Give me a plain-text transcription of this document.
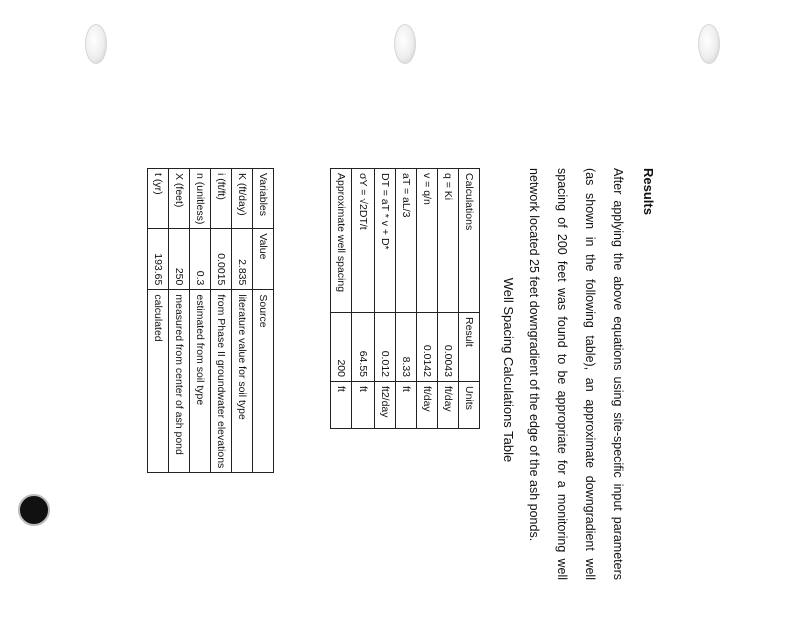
Results
After applying the above equations using site-specific input parameters (as shown in the following table), an approximate downgradient well spacing of 200 feet was found to be appropriate for a monitoring well network located 25 feet downgradient of the edge of the ash ponds.
Well Spacing Calculations Table
Calculations	Result	Units
q = Ki	0.0043	ft/day
v = q/n	0.0142	ft/day
aT = aL/3	8.33	ft
DT = aT * v + D*	0.012	ft2/day
σY = √2DT/t	64.55	ft
Approximate well spacing	200	ft
Variables	Value	Source
K (ft/day)	2.835	literature value for soil type
i (ft/ft)	0.0015	from Phase II groundwater elevations
n (unitless)	0.3	estimated from soil type
X (feet)	250	measured from center of ash pond
t (yr)	193.65	calculated
